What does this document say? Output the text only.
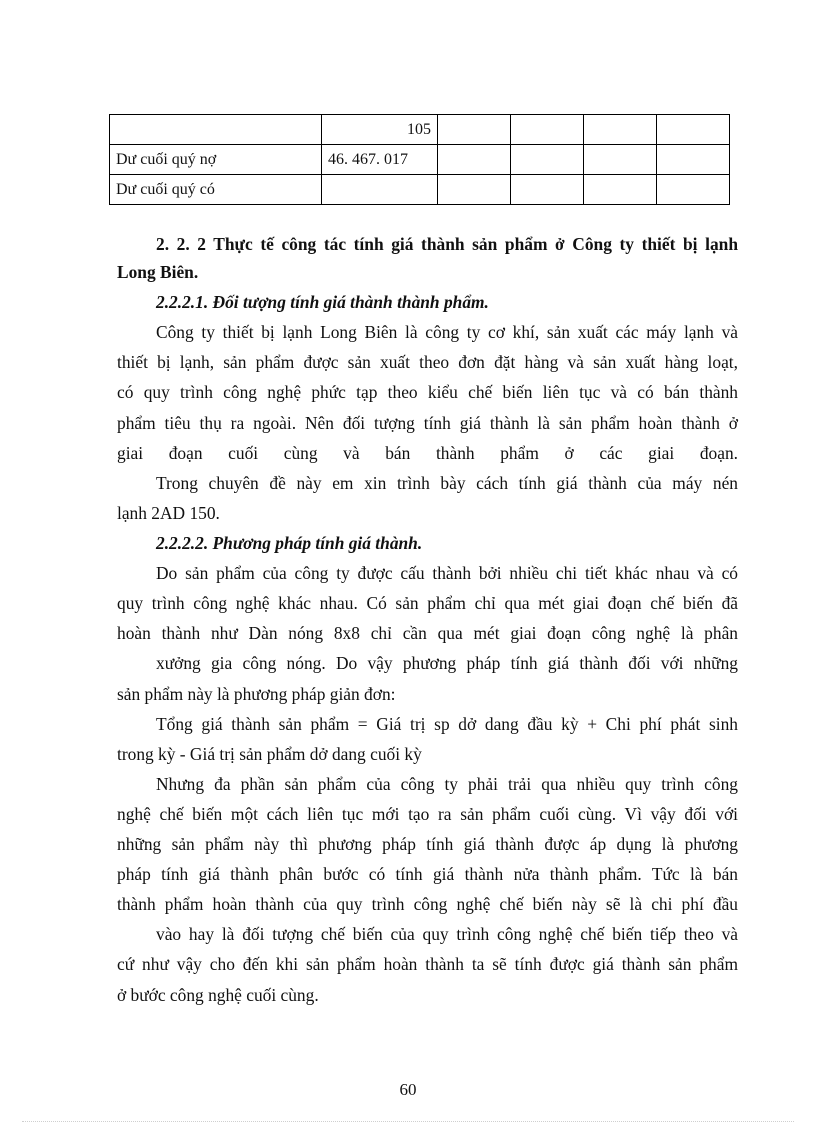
	105				
Dư cuối quý nợ	46. 467. 017				
Dư cuối quý có					
2. 2. 2 Thực tế công tác tính giá thành sản phẩm ở Công ty thiết bị lạnh
Long Biên.
2.2.2.1. Đối tượng tính giá thành thành phẩm.
Công ty thiết bị lạnh Long Biên là công ty cơ khí, sản xuất các máy lạnh và
thiết bị lạnh, sản phẩm được sản xuất theo đơn đặt hàng và sản xuất hàng loạt,
có quy trình công nghệ phức tạp theo kiểu chế biến liên tục và có bán thành
phẩm tiêu thụ ra ngoài. Nên đối tượng tính giá thành là sản phẩm hoàn thành ở
giai đoạn cuối cùng và bán thành phẩm ở các giai đoạn.
Trong chuyên đề này em xin trình bày cách tính giá thành của máy nén
lạnh 2AD 150.
2.2.2.2. Phương pháp tính giá thành.
Do sản phẩm của công ty được cấu thành bởi nhiều chi tiết khác nhau và có
quy trình công nghệ khác nhau. Có sản phẩm chỉ qua mét giai đoạn chế biến đã
hoàn thành như Dàn nóng 8x8 chỉ cần qua mét giai đoạn công nghệ là phân
xưởng gia công nóng. Do vậy phương pháp tính giá thành đối với những
sản phẩm này là phương pháp giản đơn:
Tổng giá thành sản phẩm = Giá trị sp dở dang đầu kỳ + Chi phí phát sinh
trong kỳ - Giá trị sản phẩm dở dang cuối kỳ
Nhưng đa phần sản phẩm của công ty phải trải qua nhiều quy trình công
nghệ chế biến một cách liên tục mới tạo ra sản phẩm cuối cùng. Vì vậy đối với
những sản phẩm này thì phương pháp tính giá thành được áp dụng là phương
pháp tính giá thành phân bước có tính giá thành nửa thành phẩm. Tức là bán
thành phẩm hoàn thành của quy trình công nghệ chế biến này sẽ là chi phí đầu
vào hay là đối tượng chế biến của quy trình công nghệ chế biến tiếp theo và
cứ như vậy cho đến khi sản phẩm hoàn thành ta sẽ tính được giá thành sản phẩm
ở bước công nghệ cuối cùng.
60
